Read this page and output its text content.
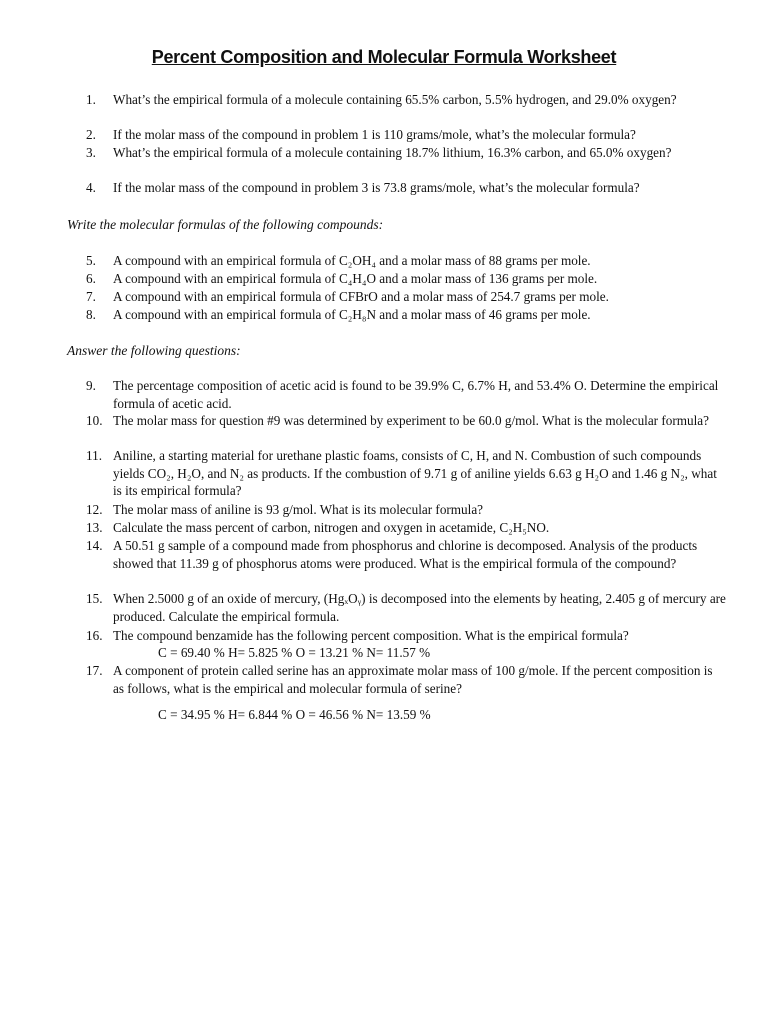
Percent Composition and Molecular Formula Worksheet
1. What’s the empirical formula of a molecule containing 65.5% carbon, 5.5% hydrogen, and 29.0% oxygen?
2. If the molar mass of the compound in problem 1 is 110 grams/mole, what’s the molecular formula?
3. What’s the empirical formula of a molecule containing 18.7% lithium, 16.3% carbon, and 65.0% oxygen?
4. If the molar mass of the compound in problem 3 is 73.8 grams/mole, what’s the molecular formula?
Write the molecular formulas of the following compounds:
5. A compound with an empirical formula of C₂OH₄ and a molar mass of 88 grams per mole.
6. A compound with an empirical formula of C₄H₄O and a molar mass of 136 grams per mole.
7. A compound with an empirical formula of CFBrO and a molar mass of 254.7 grams per mole.
8. A compound with an empirical formula of C₂H₈N and a molar mass of 46 grams per mole.
Answer the following questions:
9. The percentage composition of acetic acid is found to be 39.9% C, 6.7% H, and 53.4% O. Determine the empirical formula of acetic acid.
10. The molar mass for question #9 was determined by experiment to be 60.0 g/mol. What is the molecular formula?
11. Aniline, a starting material for urethane plastic foams, consists of C, H, and N. Combustion of such compounds yields CO₂, H₂O, and N₂ as products. If the combustion of 9.71 g of aniline yields 6.63 g H₂O and 1.46 g N₂, what is its empirical formula?
12. The molar mass of aniline is 93 g/mol. What is its molecular formula?
13. Calculate the mass percent of carbon, nitrogen and oxygen in acetamide, C₂H₅NO.
14. A 50.51 g sample of a compound made from phosphorus and chlorine is decomposed. Analysis of the products showed that 11.39 g of phosphorus atoms were produced. What is the empirical formula of the compound?
15. When 2.5000 g of an oxide of mercury, (HgₓOᵧ) is decomposed into the elements by heating, 2.405 g of mercury are produced. Calculate the empirical formula.
16. The compound benzamide has the following percent composition. What is the empirical formula?
C = 69.40 % H= 5.825 % O = 13.21 % N= 11.57 %
17. A component of protein called serine has an approximate molar mass of 100 g/mole. If the percent composition is as follows, what is the empirical and molecular formula of serine?
C = 34.95 % H= 6.844 % O = 46.56 % N= 13.59 %
